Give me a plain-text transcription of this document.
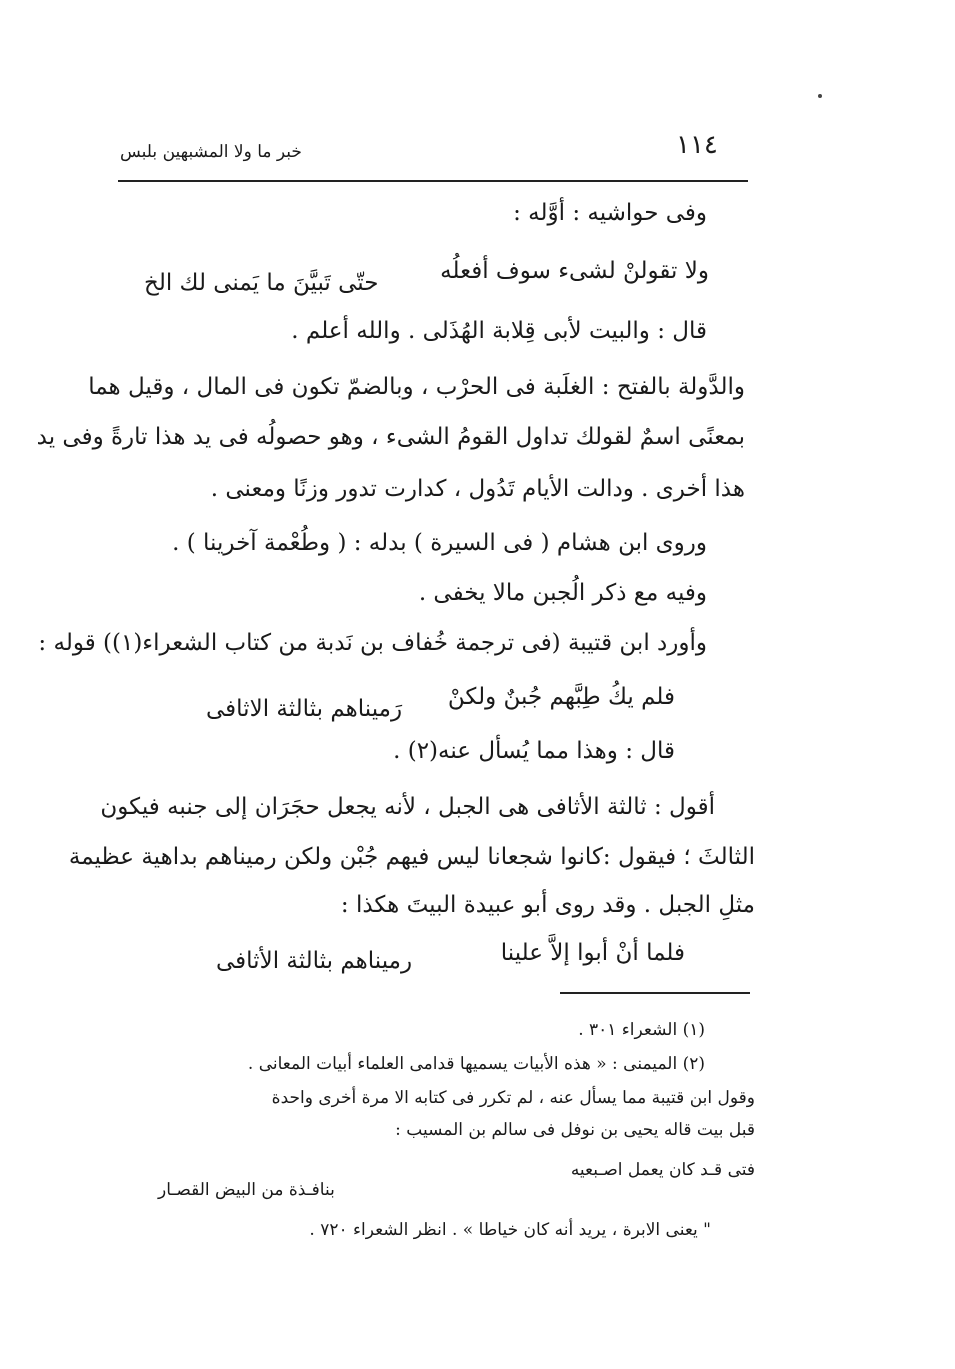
١١٤
خبر ما ولا المشبهين بلبس
وفى حواشيه : أوَّله :
ولا تقولنْ لشىء سوف أفعلُه
حتّى تَبيَّنَ ما يَمنى لك الخ
قال : والبيت لأبى قِلابة الهُذَلى . والله أعلم .
والدَّولة بالفتح : الغلَبة فى الحرْب ، وبالضمّ تكون فى المال ، وقيل هما
بمعنًى اسمٌ لقولك تداول القومُ الشىء ، وهو حصولُه فى يد هذا تارةً وفى يد
هذا أخرى . ودالت الأيام تَدُول ، كدارت تدور وزنًا ومعنى .
وروى ابن هشام ( فى السيرة ) بدله : ( وطُعْمة آخرينا ) .
وفيه مع ذكر الُجبن مالا يخفى .
وأورد ابن قتيبة (فى ترجمة خُفاف بن نَدبة من كتاب الشعراء(١)) قوله :
فلم يكُ طِبَّهم جُبنٌ ولكنْ
رَميناهم بثالثة الاثافى
قال : وهذا مما يُسأل عنه(٢) .
أقول : ثالثة الأثافى هى الجبل ، لأنه يجعل حجَرَان إلى جنبه فيكون
الثالثَ ؛ فيقول :كانوا شجعانا ليس فيهم جُبْن ولكن رميناهم بداهية عظيمة
مثلِ الجبل . وقد روى أبو عبيدة البيتَ هكذا :
فلما أنْ أبوا إلاَّ علينا
رميناهم بثالثة الأثافى
(١) الشعراء ٣٠١ .
(٢) الميمنى : « هذه الأبيات يسميها قدامى العلماء أبيات المعانى .
وقول ابن قتيبة مما يسأل عنه ، لم تكرر فى كتابه الا مرة أخرى واحدة
قبل بيت قاله يحيى بن نوفل فى سالم بن المسيب :
فتى قـد كان يعمل اصـبعيه
بنافـذة من البيض القصـار
" يعنى الابرة ، يريد أنه كان خياطا » . انظر الشعراء ٧٢٠ .
